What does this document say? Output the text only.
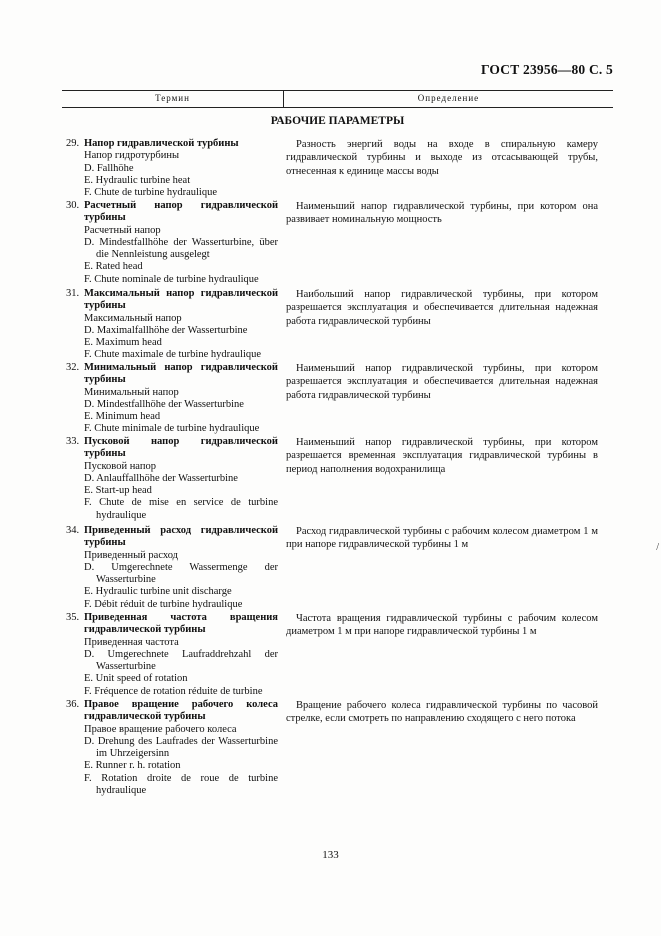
ГОСТ 23956—80 С. 5
Термин	Определение
РАБОЧИЕ ПАРАМЕТРЫ
29. Напор гидравлической турбины
Напор гидротурбины
D. Fallhöhe
E. Hydraulic turbine heat
F. Chute de turbine hydraulique
Разность энергий воды на входе в спиральную камеру гидравлической турбины и выходе из отсасывающей трубы, отнесенная к единице массы воды
30. Расчетный напор гидравлической турбины
Расчетный напор
D. Mindestfallhöhe der Wasserturbine, über die Nennleistung ausgelegt
E. Rated head
F. Chute nominale de turbine hydraulique
Наименьший напор гидравлической турбины, при котором она развивает номинальную мощность
31. Максимальный напор гидравлической турбины
Максимальный напор
D. Maximalfallhöhe der Wasserturbine
E. Maximum head
F. Chute maximale de turbine hydraulique
Наибольший напор гидравлической турбины, при котором разрешается эксплуатация и обеспечивается длительная надежная работа гидравлической турбины
32. Минимальный напор гидравлической турбины
Минимальный напор
D. Mindestfallhöhe der Wasserturbine
E. Minimum head
F. Chute minimale de turbine hydraulique
Наименьший напор гидравлической турбины, при котором разрешается эксплуатация и обеспечивается длительная надежная работа гидравлической турбины
33. Пусковой напор гидравлической турбины
Пусковой напор
D. Anlauffallhöhe der Wasserturbine
E. Start-up head
F. Chute de mise en service de turbine hydraulique
Наименьший напор гидравлической турбины, при котором разрешается временная эксплуатация гидравлической турбины в период наполнения водохранилища
34. Приведенный расход гидравлической турбины
Приведенный расход
D. Umgerechnete Wassermenge der Wasserturbine
E. Hydraulic turbine unit discharge
F. Débit réduit de turbine hydraulique
Расход гидравлической турбины с рабочим колесом диаметром 1 м при напоре гидравлической турбины 1 м
35. Приведенная частота вращения гидравлической турбины
Приведенная частота
D. Umgerechnete Laufraddrehzahl der Wasserturbine
E. Unit speed of rotation
F. Fréquence de rotation réduite de turbine
Частота вращения гидравлической турбины с рабочим колесом диаметром 1 м при напоре гидравлической турбины 1 м
36. Правое вращение рабочего колеса гидравлической турбины
Правое вращение рабочего колеса
D. Drehung des Laufrades der Wasserturbine im Uhrzeigersinn
E. Runner r. h. rotation
F. Rotation droite de roue de turbine hydraulique
Вращение рабочего колеса гидравлической турбины по часовой стрелке, если смотреть по направлению сходящего с него потока
133
/
